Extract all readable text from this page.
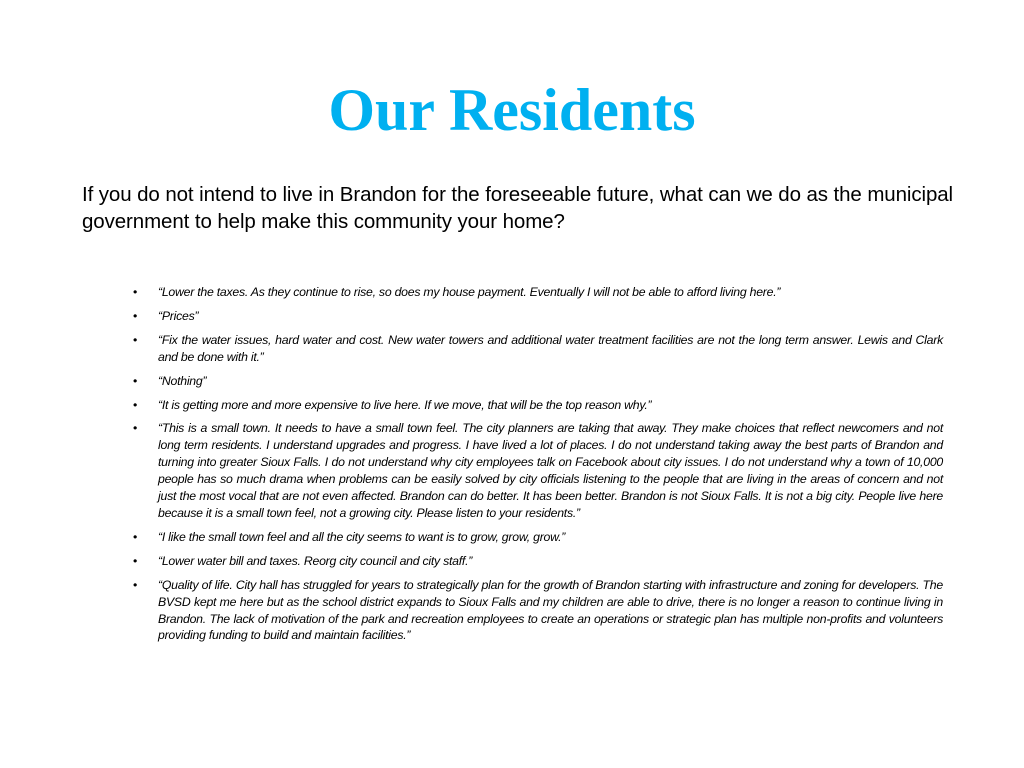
Our Residents

If you do not intend to live in Brandon for the foreseeable future, what can we do as the municipal government to help make this community your home?

• “Lower the taxes. As they continue to rise, so does my house payment. Eventually I will not be able to afford living here.”
• “Prices”
• “Fix the water issues, hard water and cost. New water towers and additional water treatment facilities are not the long term answer. Lewis and Clark and be done with it.”
• “Nothing”
• “It is getting more and more expensive to live here. If we move, that will be the top reason why.”
• “This is a small town. It needs to have a small town feel. The city planners are taking that away. They make choices that reflect newcomers and not long term residents. I understand upgrades and progress. I have lived a lot of places. I do not understand taking away the best parts of Brandon and turning into greater Sioux Falls. I do not understand why city employees talk on Facebook about city issues. I do not understand why a town of 10,000 people has so much drama when problems can be easily solved by city officials listening to the people that are living in the areas of concern and not just the most vocal that are not even affected. Brandon can do better. It has been better. Brandon is not Sioux Falls. It is not a big city. People live here because it is a small town feel, not a growing city. Please listen to your residents.”
• “I like the small town feel and all the city seems to want is to grow, grow, grow.”
• “Lower water bill and taxes. Reorg city council and city staff.”
• “Quality of life. City hall has struggled for years to strategically plan for the growth of Brandon starting with infrastructure and zoning for developers. The BVSD kept me here but as the school district expands to Sioux Falls and my children are able to drive, there is no longer a reason to continue living in Brandon. The lack of motivation of the park and recreation employees to create an operations or strategic plan has multiple non-profits and volunteers providing funding to build and maintain facilities.”
